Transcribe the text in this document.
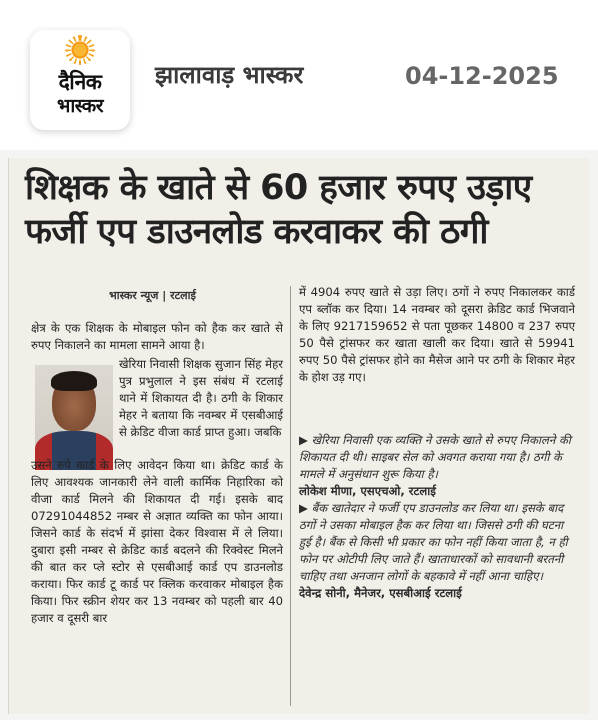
दैनिक
भास्कर
झालावाड़ भास्कर	04-12-2025
शिक्षक के खाते से 60 हजार रुपए उड़ाए
फर्जी एप डाउनलोड करवाकर की ठगी
भास्कर न्यूज | रटलाई

क्षेत्र के एक शिक्षक के मोबाइल फोन को हैक कर खाते से रुपए निकालने का मामला सामने आया है।

खेरिया निवासी शिक्षक सुजान सिंह मेहर पुत्र प्रभुलाल ने इस संबंध में रटलाई थाने में शिकायत दी है। ठगी के शिकार मेहर ने बताया कि नवम्बर में एसबीआई से क्रेडिट वीजा कार्ड प्राप्त हुआ। जबकि

उसने रुपे कार्ड के लिए आवेदन किया था। क्रेडिट कार्ड के लिए आवश्यक जानकारी लेने वाली कार्मिक निहारिका को वीजा कार्ड मिलने की शिकायत दी गई। इसके बाद 07291044852 नम्बर से अज्ञात व्यक्ति का फोन आया। जिसने कार्ड के संदर्भ में झांसा देकर विश्वास में ले लिया। दुबारा इसी नम्बर से क्रेडिट कार्ड बदलने की रिक्वेस्ट मिलने की बात कर प्ले स्टोर से एसबीआई कार्ड एप डाउनलोड कराया। फिर कार्ड टू कार्ड पर क्लिक करवाकर मोबाइल हैक किया। फिर स्क्रीन शेयर कर 13 नवम्बर को पहली बार 40 हजार व दूसरी बार

में 4904 रुपए खाते से उड़ा लिए। ठगों ने रुपए निकालकर कार्ड एप ब्लॉक कर दिया। 14 नवम्बर को दूसरा क्रेडिट कार्ड भिजवाने के लिए 9217159652 से पता पूछकर 14800 व 237 रुपए 50 पैसे ट्रांसफर कर खाता खाली कर दिया। खाते से 59941 रुपए 50 पैसे ट्रांसफर होने का मैसेज आने पर ठगी के शिकार मेहर के होश उड़ गए।

▶ खेरिया निवासी एक व्यक्ति ने उसके खाते से रुपए निकालने की शिकायत दी थी। साइबर सेल को अवगत कराया गया है। ठगी के मामले में अनुसंधान शुरू किया है।

लोकेश मीणा, एसएचओ, रटलाई

▶ बैंक खातेदार ने फर्जी एप डाउनलोड कर लिया था। इसके बाद ठगों ने उसका मोबाइल हैक कर लिया था। जिससे ठगी की घटना हुई है। बैंक से किसी भी प्रकार का फोन नहीं किया जाता है, न ही फोन पर ओटीपी लिए जाते हैं। खाताधारकों को सावधानी बरतनी चाहिए तथा अनजान लोगों के बहकावे में नहीं आना चाहिए।

देवेन्द्र सोनी, मैनेजर, एसबीआई रटलाई
